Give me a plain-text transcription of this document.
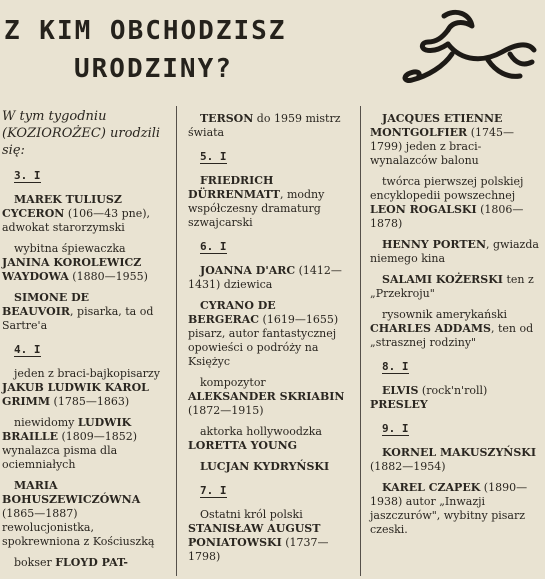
Z KIM OBCHODZISZ
URODZINY?

W tym tygodniu (KOZIOROŻEC) urodzili się:

3. I

MAREK TULIUSZ CYCERON (106—43 pne), adwokat starorzymski

wybitna śpiewaczka JANINA KOROLEWICZ WAYDOWA (1880—1955)

SIMONE DE BEAUVOIR, pisarka, ta od Sartre'a

4. I

jeden z braci-bajkopisarzy JAKUB LUDWIK KAROL GRIMM (1785—1863)

niewidomy LUDWIK BRAILLE (1809—1852) wynalazca pisma dla ociemniałych

MARIA BOHUSZEWICZÓWNA (1865—1887) rewolucjonistka, spokrewniona z Kościuszką

bokser FLOYD PAT-

TERSON do 1959 mistrz świata

5. I

FRIEDRICH DÜRRENMATT, modny współczesny dramaturg szwajcarski

6. I

JOANNA D'ARC (1412—1431) dziewica

CYRANO DE BERGERAC (1619—1655) pisarz, autor fantastycznej opowieści o podróży na Księżyc

kompozytor ALEKSANDER SKRIABIN (1872—1915)

aktorka hollywoodzka LORETTA YOUNG

LUCJAN KYDRYŃSKI

7. I

Ostatni król polski STANISŁAW AUGUST PONIATOWSKI (1737—1798)

JACQUES ETIENNE MONTGOLFIER (1745—1799) jeden z braci-wynalazców balonu

twórca pierwszej polskiej encyklopedii powszechnej LEON ROGALSKI (1806—1878)

HENNY PORTEN, gwiazda niemego kina

SALAMI KOŻERSKI ten z „Przekroju"

rysownik amerykański CHARLES ADDAMS, ten od „strasznej rodziny"

8. I

ELVIS (rock'n'roll) PRESLEY

9. I

KORNEL MAKUSZYŃSKI (1882—1954)

KAREL CZAPEK (1890—1938) autor „Inwazji jaszczurów", wybitny pisarz czeski.
